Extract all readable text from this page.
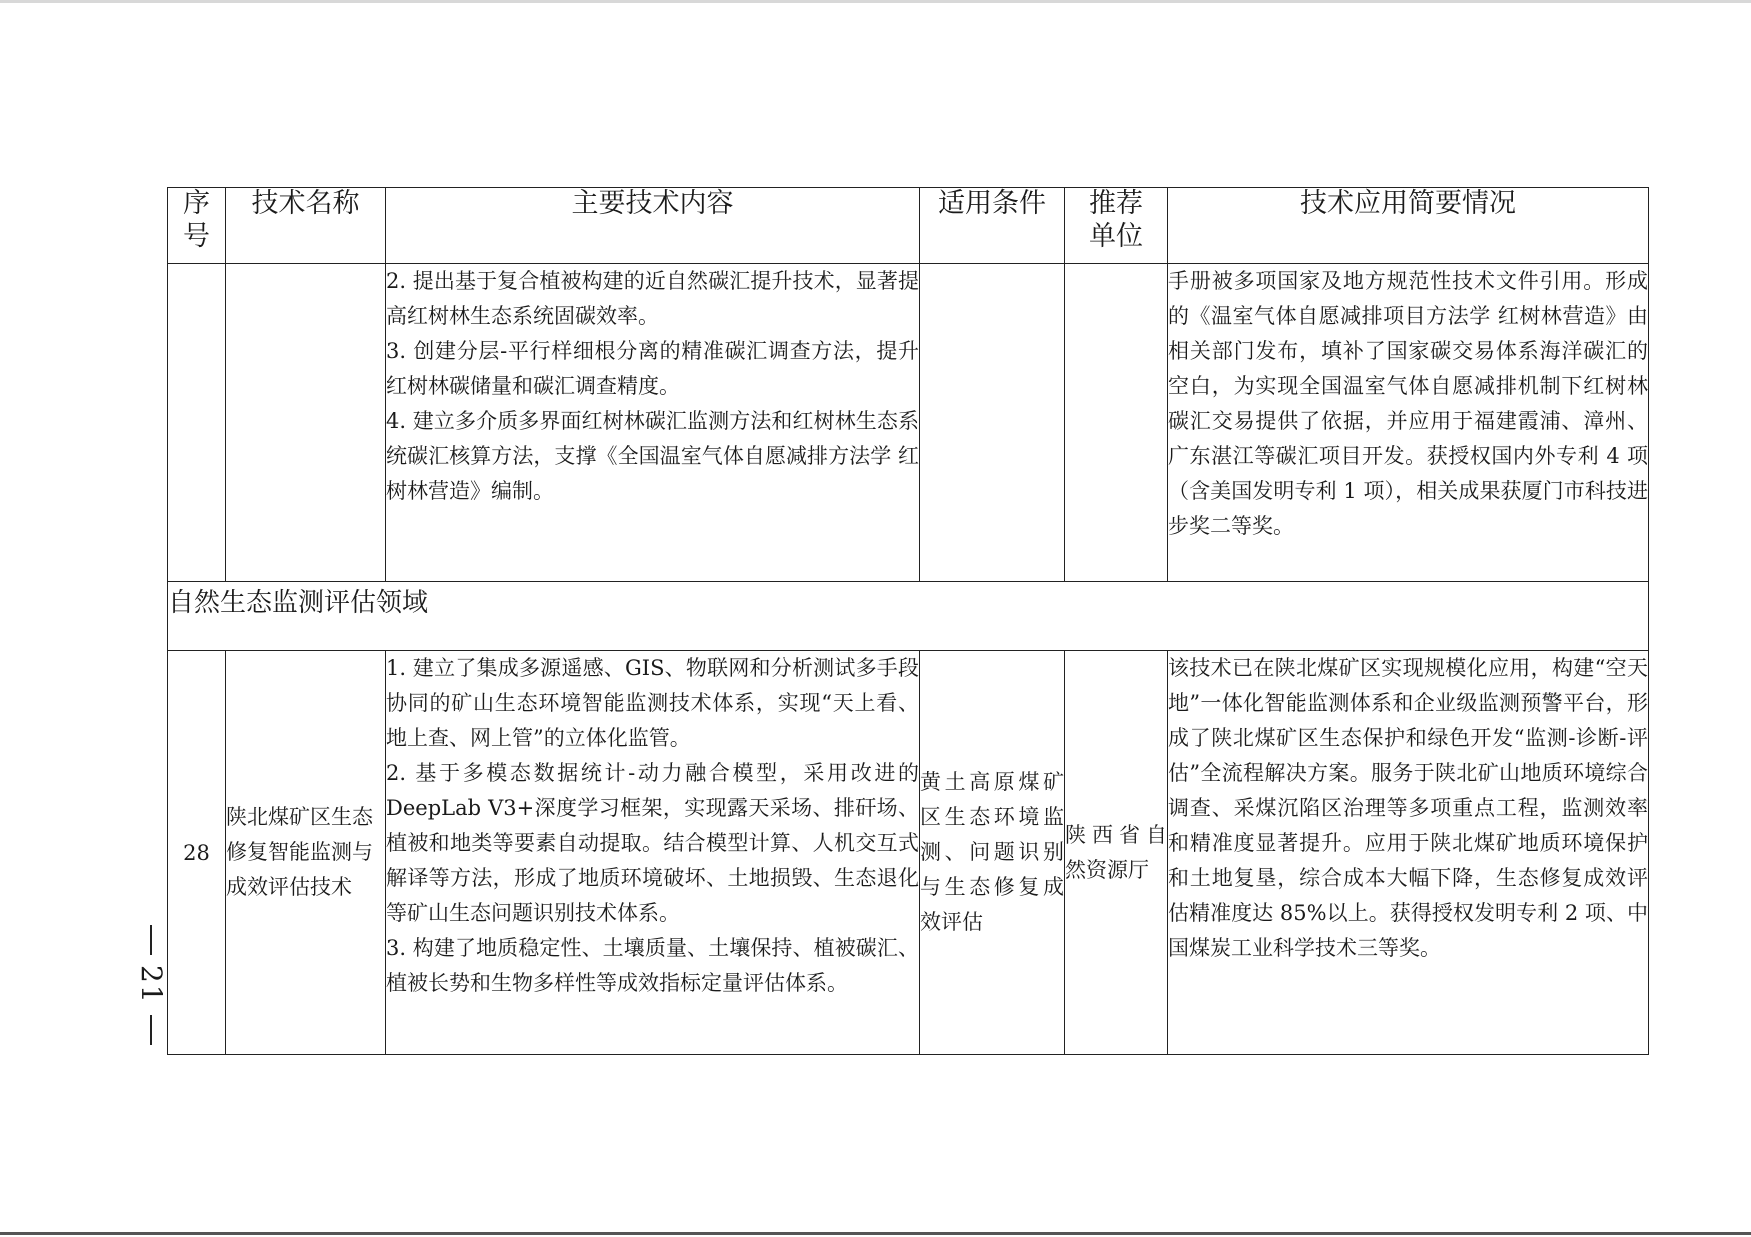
序号	技术名称	主要技术内容	适用条件	推荐单位	技术应用简要情况

		2. 提出基于复合植被构建的近自然碳汇提升技术，显著提高红树林生态系统固碳效率。
3. 创建分层-平行样细根分离的精准碳汇调查方法，提升红树林碳储量和碳汇调查精度。
4. 建立多介质多界面红树林碳汇监测方法和红树林生态系统碳汇核算方法，支撑《全国温室气体自愿减排方法学 红树林营造》编制。			手册被多项国家及地方规范性技术文件引用。形成的《温室气体自愿减排项目方法学 红树林营造》由相关部门发布，填补了国家碳交易体系海洋碳汇的空白，为实现全国温室气体自愿减排机制下红树林碳汇交易提供了依据，并应用于福建霞浦、漳州、广东湛江等碳汇项目开发。获授权国内外专利 4 项（含美国发明专利 1 项），相关成果获厦门市科技进步奖二等奖。

自然生态监测评估领域					
28	陕北煤矿区生态修复智能监测与成效评估技术	1. 建立了集成多源遥感、GIS、物联网和分析测试多手段协同的矿山生态环境智能监测技术体系，实现“天上看、地上查、网上管”的立体化监管。
2. 基于多模态数据统计-动力融合模型，采用改进的 DeepLab V3+深度学习框架，实现露天采场、排矸场、植被和地类等要素自动提取。结合模型计算、人机交互式解译等方法，形成了地质环境破坏、土地损毁、生态退化等矿山生态问题识别技术体系。
3. 构建了地质稳定性、土壤质量、土壤保持、植被碳汇、植被长势和生物多样性等成效指标定量评估体系。	黄土高原煤矿区生态环境监测、问题识别与生态修复成效评估	陕西省自然资源厅	该技术已在陕北煤矿区实现规模化应用，构建“空天地”一体化智能监测体系和企业级监测预警平台，形成了陕北煤矿区生态保护和绿色开发“监测-诊断-评估”全流程解决方案。服务于陕北矿山地质环境综合调查、采煤沉陷区治理等多项重点工程，监测效率和精准度显著提升。应用于陕北煤矿地质环境保护和土地复垦，综合成本大幅下降，生态修复成效评估精准度达 85%以上。获得授权发明专利 2 项、中国煤炭工业科学技术三等奖。
21
